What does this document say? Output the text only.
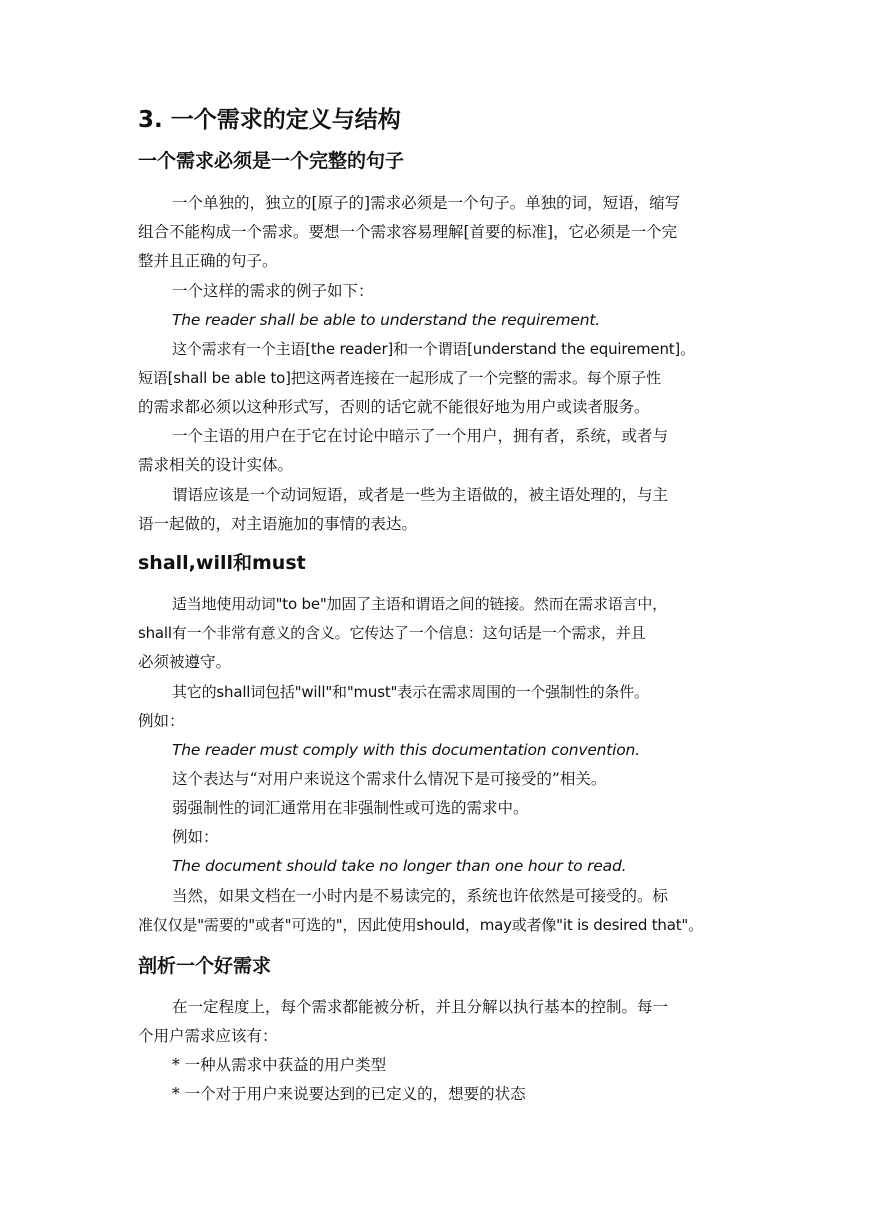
3. 一个需求的定义与结构
一个需求必须是一个完整的句子

一个单独的，独立的[原子的]需求必须是一个句子。单独的词，短语，缩写

组合不能构成一个需求。要想一个需求容易理解[首要的标准]，它必须是一个完

整并且正确的句子。

一个这样的需求的例子如下：

The reader shall be able to understand the requirement.

这个需求有一个主语[the reader]和一个谓语[understand the equirement]。

短语[shall be able to]把这两者连接在一起形成了一个完整的需求。每个原子性

的需求都必须以这种形式写，否则的话它就不能很好地为用户或读者服务。

一个主语的用户在于它在讨论中暗示了一个用户，拥有者，系统，或者与

需求相关的设计实体。

谓语应该是一个动词短语，或者是一些为主语做的，被主语处理的，与主

语一起做的，对主语施加的事情的表达。

shall,will和must

适当地使用动词"to be"加固了主语和谓语之间的链接。然而在需求语言中，

shall有一个非常有意义的含义。它传达了一个信息：这句话是一个需求，并且

必须被遵守。

其它的shall词包括"will"和"must"表示在需求周围的一个强制性的条件。

例如：

The reader must comply with this documentation convention.

这个表达与“对用户来说这个需求什么情况下是可接受的”相关。

弱强制性的词汇通常用在非强制性或可选的需求中。

例如：

The document should take no longer than one hour to read.

当然，如果文档在一小时内是不易读完的，系统也许依然是可接受的。标

准仅仅是"需要的"或者"可选的"，因此使用should，may或者像"it is desired that"。

剖析一个好需求

在一定程度上，每个需求都能被分析，并且分解以执行基本的控制。每一

个用户需求应该有：

* 一种从需求中获益的用户类型

* 一个对于用户来说要达到的已定义的，想要的状态
